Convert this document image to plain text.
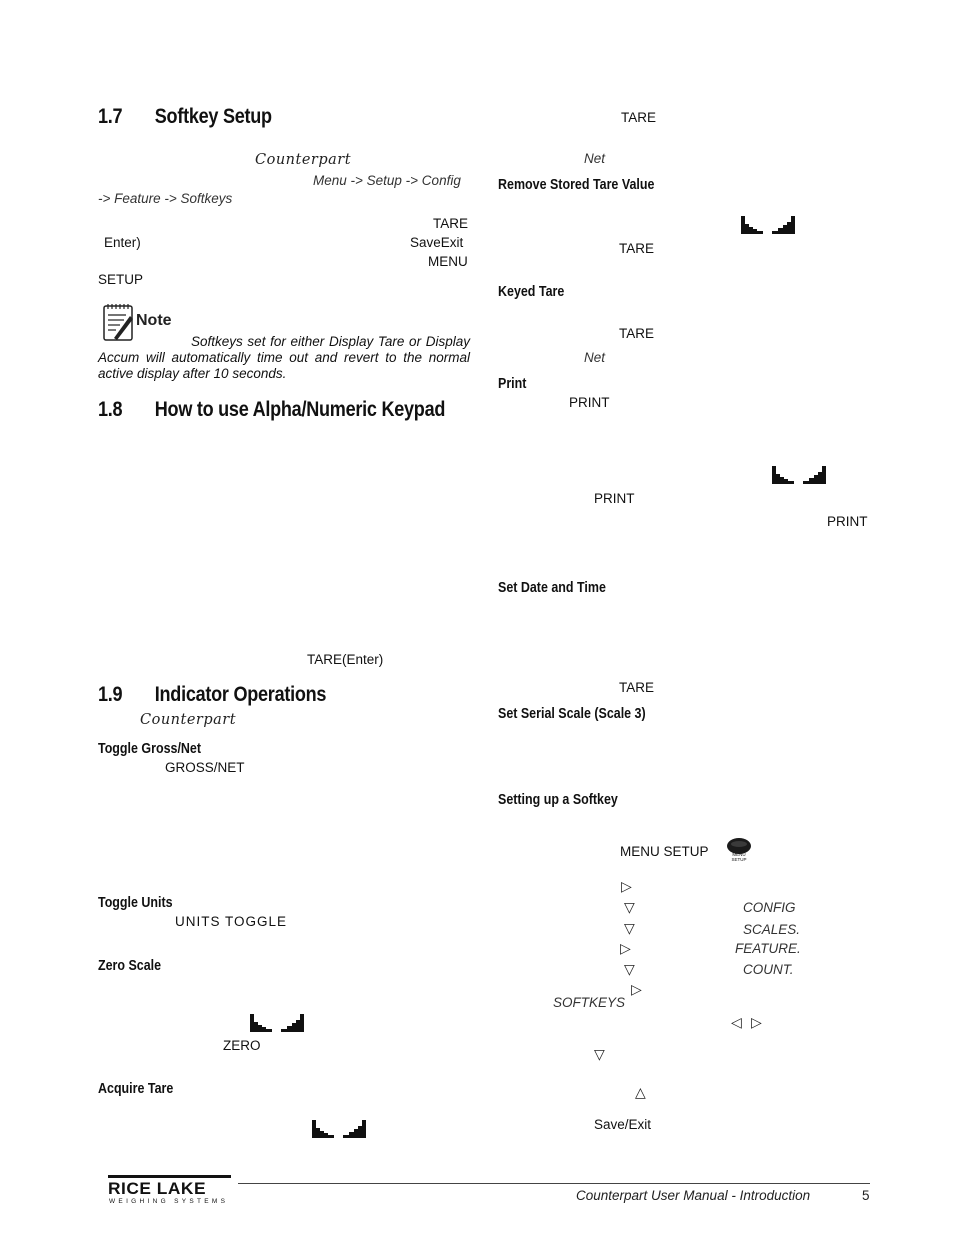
1.7 Softkey Setup
Counterpart
Menu -> Setup -> Config
-> Feature -> Softkeys
TARE
Enter)	SaveExit
MENU
SETUP
Note
Softkeys set for either Display Tare or Display Accum will automatically time out and revert to the normal active display after 10 seconds.
1.8 How to use Alpha/Numeric Keypad
TARE(Enter)
1.9 Indicator Operations
Counterpart
Toggle Gross/Net
GROSS/NET
Toggle Units
UNITS TOGGLE
Zero Scale
ZERO
Acquire Tare
TARE
Net
Remove Stored Tare Value
TARE
Keyed Tare
TARE
Net
Print
PRINT
PRINT
PRINT
Set Date and Time
TARE
Set Serial Scale (Scale 3)
Setting up a Softkey
MENU SETUP	MENU
SETUP
▷
▽	CONFIG
▽	SCALES.
▷	FEATURE.
▽	COUNT.
▷
SOFTKEYS
◁ ▷
▽
△
Save/Exit
RICE LAKE
WEIGHING SYSTEMS	Counterpart User Manual - Introduction	5
